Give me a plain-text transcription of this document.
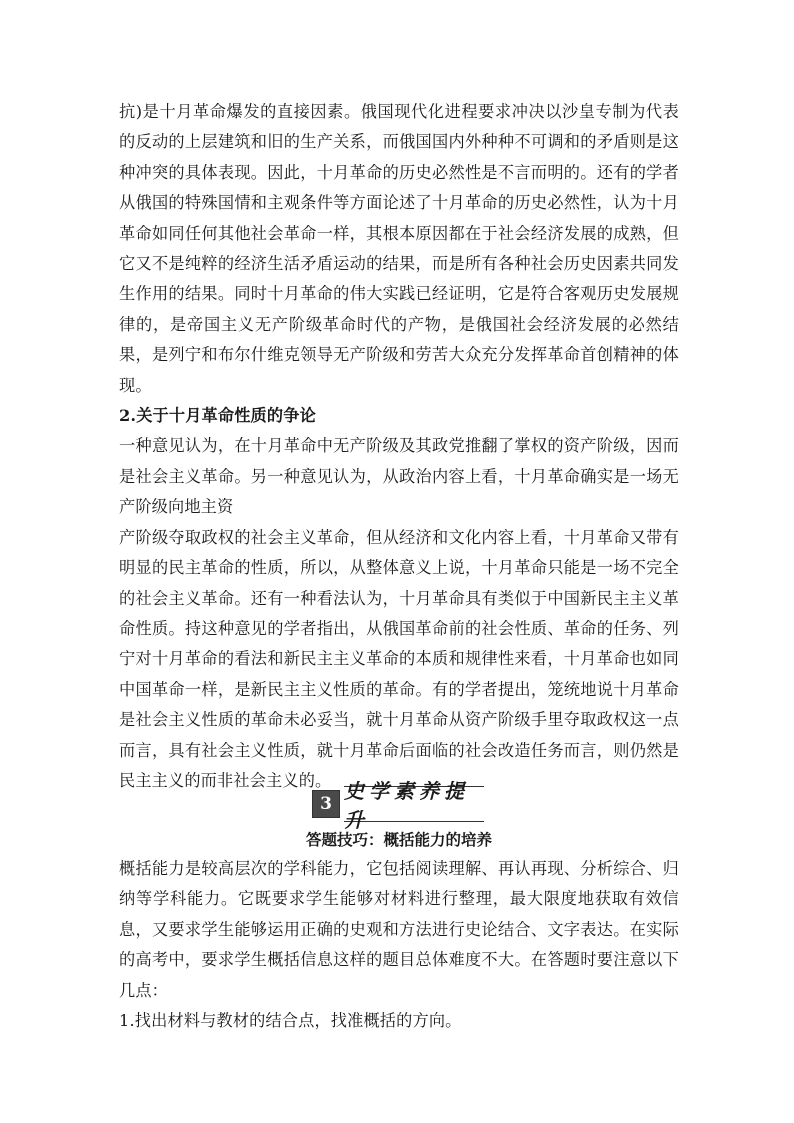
抗)是十月革命爆发的直接因素。俄国现代化进程要求冲决以沙皇专制为代表的反动的上层建筑和旧的生产关系，而俄国国内外种种不可调和的矛盾则是这种冲突的具体表现。因此，十月革命的历史必然性是不言而明的。还有的学者从俄国的特殊国情和主观条件等方面论述了十月革命的历史必然性，认为十月革命如同任何其他社会革命一样，其根本原因都在于社会经济发展的成熟，但它又不是纯粹的经济生活矛盾运动的结果，而是所有各种社会历史因素共同发生作用的结果。同时十月革命的伟大实践已经证明，它是符合客观历史发展规律的，是帝国主义无产阶级革命时代的产物，是俄国社会经济发展的必然结果，是列宁和布尔什维克领导无产阶级和劳苦大众充分发挥革命首创精神的体现。

2.关于十月革命性质的争论

一种意见认为，在十月革命中无产阶级及其政党推翻了掌权的资产阶级，因而是社会主义革命。另一种意见认为，从政治内容上看，十月革命确实是一场无产阶级向地主资

产阶级夺取政权的社会主义革命，但从经济和文化内容上看，十月革命又带有明显的民主革命的性质，所以，从整体意义上说，十月革命只能是一场不完全的社会主义革命。还有一种看法认为，十月革命具有类似于中国新民主主义革命性质。持这种意见的学者指出，从俄国革命前的社会性质、革命的任务、列宁对十月革命的看法和新民主主义革命的本质和规律性来看，十月革命也如同中国革命一样，是新民主主义性质的革命。有的学者提出，笼统地说十月革命是社会主义性质的革命未必妥当，就十月革命从资产阶级手里夺取政权这一点而言，具有社会主义性质，就十月革命后面临的社会改造任务而言，则仍然是民主主义的而非社会主义的。

3
史学素养提升
答题技巧：概括能力的培养

概括能力是较高层次的学科能力，它包括阅读理解、再认再现、分析综合、归纳等学科能力。它既要求学生能够对材料进行整理，最大限度地获取有效信息，又要求学生能够运用正确的史观和方法进行史论结合、文字表达。在实际的高考中，要求学生概括信息这样的题目总体难度不大。在答题时要注意以下几点：

1.找出材料与教材的结合点，找准概括的方向。
